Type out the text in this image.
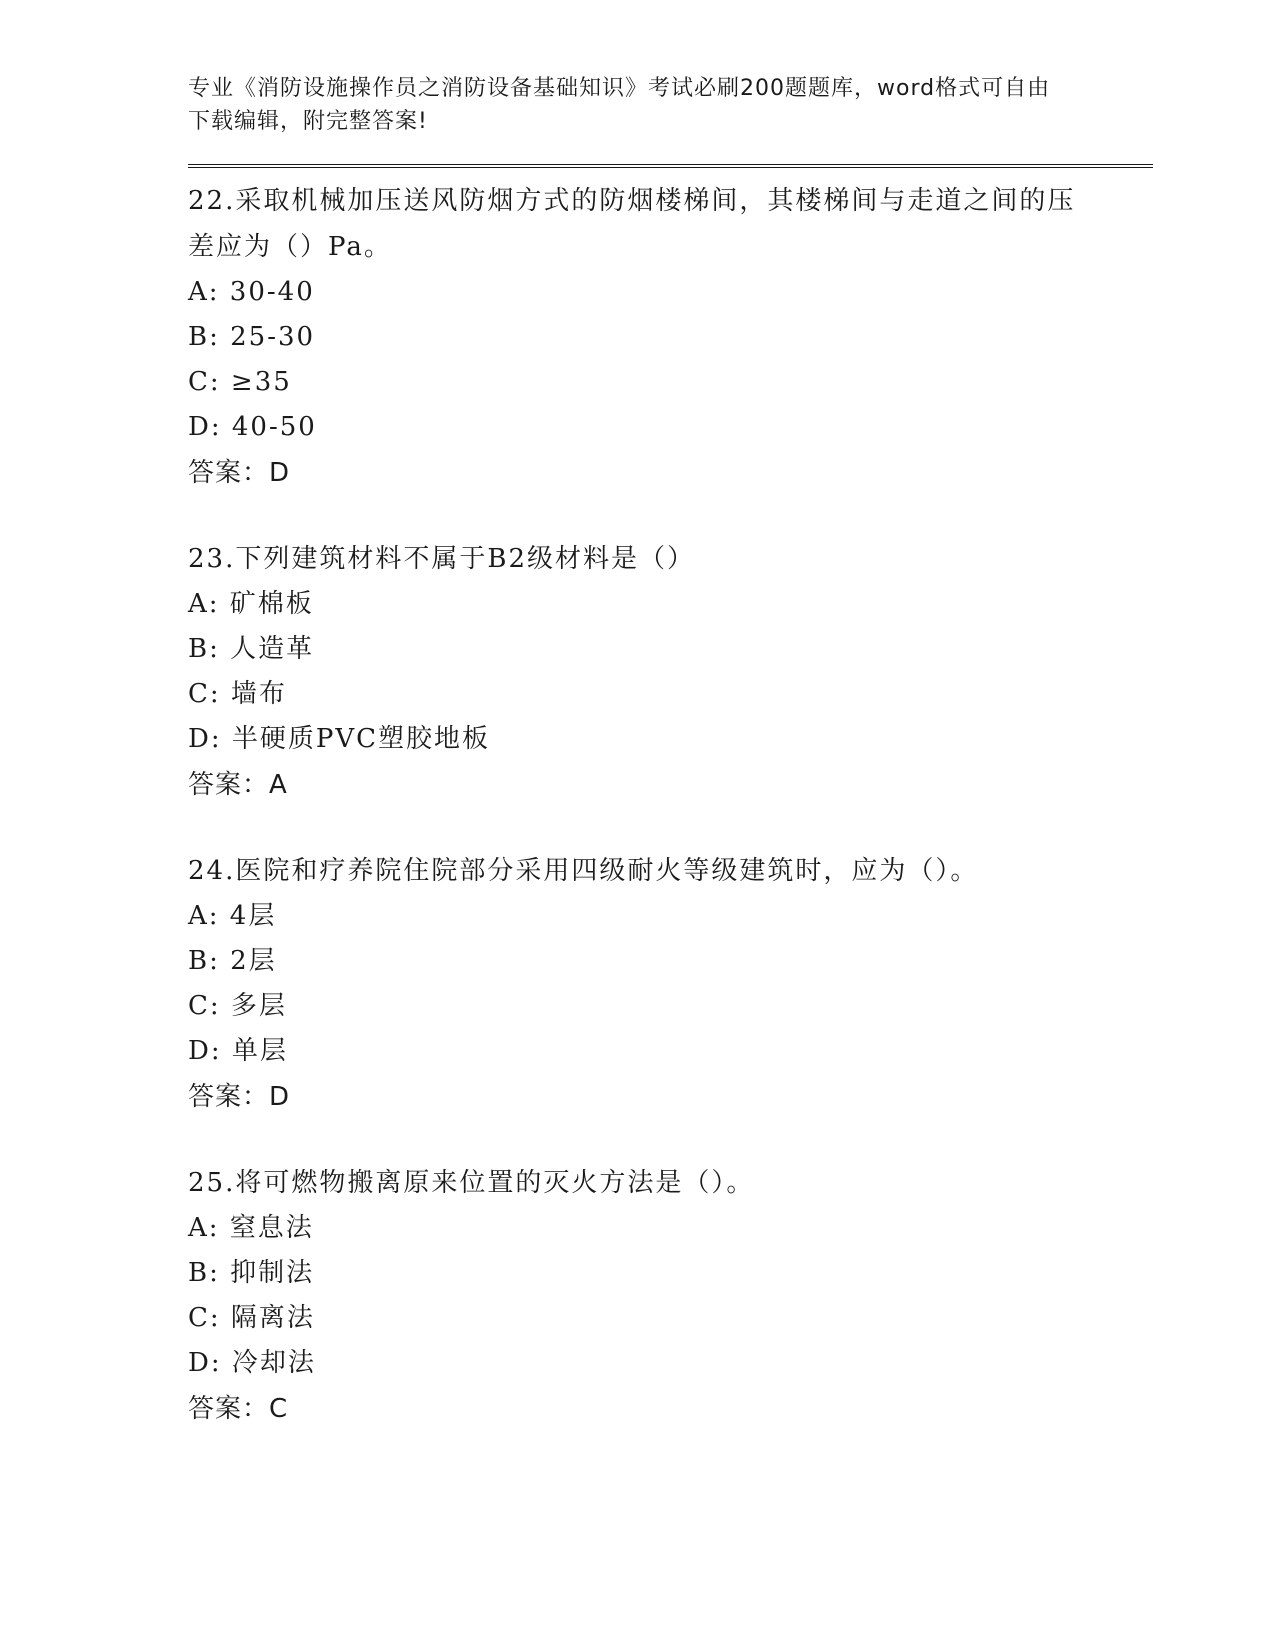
专业《消防设施操作员之消防设备基础知识》考试必刷200题题库，word格式可自由下载编辑，附完整答案!
22.采取机械加压送风防烟方式的防烟楼梯间，其楼梯间与走道之间的压差应为（）Pa。
A: 30-40
B: 25-30
C: ≥35
D: 40-50
答案：D
23.下列建筑材料不属于B2级材料是（）
A: 矿棉板
B: 人造革
C: 墙布
D: 半硬质PVC塑胶地板
答案：A
24.医院和疗养院住院部分采用四级耐火等级建筑时，应为（）。
A: 4层
B: 2层
C: 多层
D: 单层
答案：D
25.将可燃物搬离原来位置的灭火方法是（）。
A: 窒息法
B: 抑制法
C: 隔离法
D: 冷却法
答案：C
